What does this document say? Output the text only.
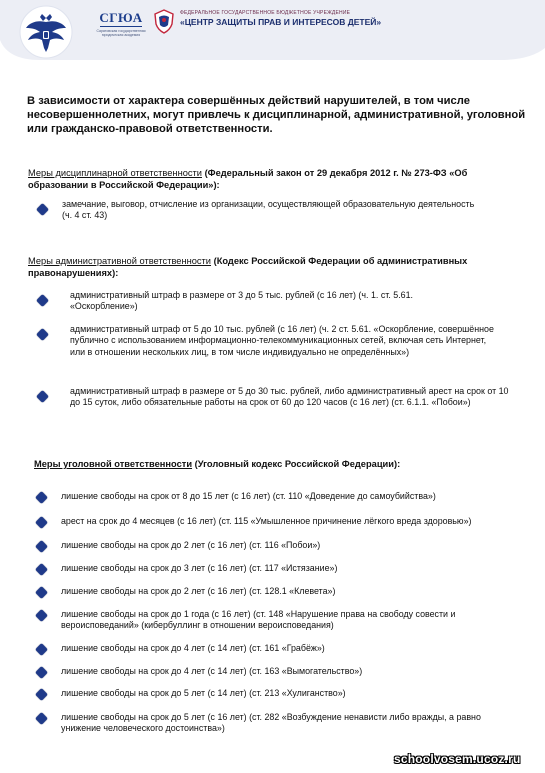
СГЮА
Саратовская государственная юридическая академия
ФЕДЕРАЛЬНОЕ ГОСУДАРСТВЕННОЕ БЮДЖЕТНОЕ УЧРЕЖДЕНИЕ
«ЦЕНТР ЗАЩИТЫ ПРАВ И ИНТЕРЕСОВ ДЕТЕЙ»
В зависимости от характера совершённых действий нарушителей, в том числе несовершеннолетних, могут привлечь к дисциплинарной, административной, уголовной или гражданско-правовой ответственности.
Меры дисциплинарной ответственности (Федеральный закон от 29 декабря 2012 г. № 273-ФЗ «Об образовании в Российской Федерации»):
замечание, выговор, отчисление из организации, осуществляющей образовательную деятельность (ч. 4 ст. 43)
Меры административной ответственности (Кодекс Российской Федерации об административных правонарушениях):
административный штраф в размере от 3 до 5 тыс. рублей (с 16 лет) (ч. 1. ст. 5.61. «Оскорбление»)
административный штраф от 5 до 10 тыс. рублей (с 16 лет) (ч. 2 ст. 5.61. «Оскорбление, совершённое публично с использованием информационно-телекоммуникационных сетей, включая сеть Интернет, или в отношении нескольких лиц, в том числе индивидуально не определённых»)
административный штраф в размере от 5 до 30 тыс. рублей, либо административный арест на срок от 10 до 15 суток, либо обязательные работы на срок от 60 до 120 часов (с 16 лет) (ст. 6.1.1. «Побои»)
Меры уголовной ответственности (Уголовный кодекс Российской Федерации):
лишение свободы на срок от 8 до 15 лет (с 16 лет) (ст. 110 «Доведение до самоубийства»)
арест на срок до 4 месяцев (с 16 лет) (ст. 115 «Умышленное причинение лёгкого вреда здоровью»)
лишение свободы на срок до 2 лет (с 16 лет) (ст. 116 «Побои»)
лишение свободы на срок до 3 лет (с 16 лет) (ст. 117 «Истязание»)
лишение свободы на срок до 2 лет (с 16 лет) (ст. 128.1 «Клевета»)
лишение свободы на срок до 1 года (с 16 лет) (ст. 148 «Нарушение права на свободу совести и вероисповеданий» (кибербуллинг в отношении вероисповедания)
лишение свободы на срок до 4 лет (с 14 лет) (ст. 161 «Грабёж»)
лишение свободы на срок до 4 лет (с 14 лет) (ст. 163 «Вымогательство»)
лишение свободы на срок до 5 лет (с 14 лет) (ст. 213 «Хулиганство»)
лишение свободы на срок до 5 лет (с 16 лет) (ст. 282 «Возбуждение ненависти либо вражды, а равно унижение человеческого достоинства»)
schoolvosem.ucoz.ru
